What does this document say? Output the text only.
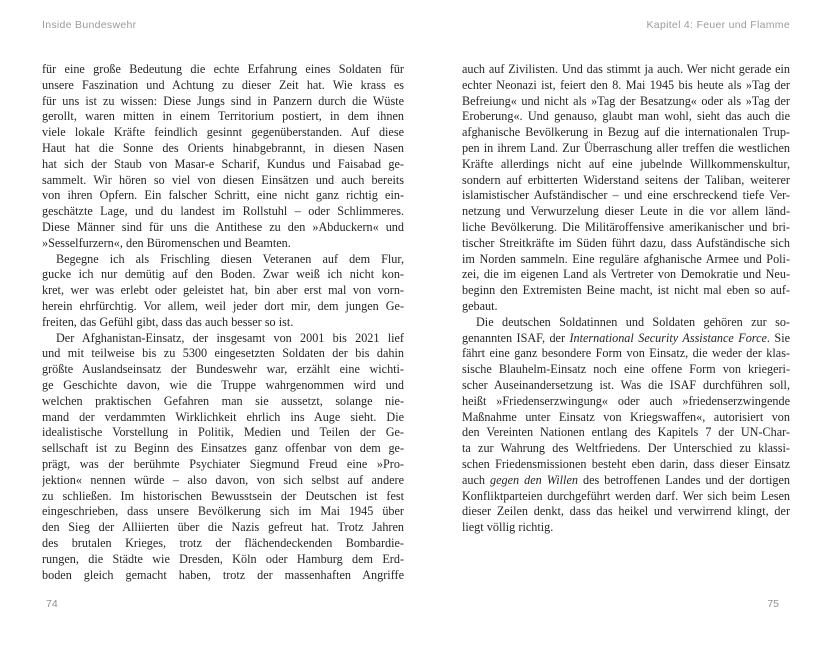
Inside Bundeswehr	Kapitel 4: Feuer und Flamme
für eine große Bedeutung die echte Erfahrung eines Soldaten für
unsere Faszination und Achtung zu dieser Zeit hat. Wie krass es
für uns ist zu wissen: Diese Jungs sind in Panzern durch die Wüste
gerollt, waren mitten in einem Territorium postiert, in dem ihnen
viele lokale Kräfte feindlich gesinnt gegenüberstanden. Auf diese
Haut hat die Sonne des Orients hinabgebrannt, in diesen Nasen
hat sich der Staub von Masar-e Scharif, Kundus und Faisabad ge-
sammelt. Wir hören so viel von diesen Einsätzen und auch bereits
von ihren Opfern. Ein falscher Schritt, eine nicht ganz richtig ein-
geschätzte Lage, und du landest im Rollstuhl – oder Schlimmeres.
Diese Männer sind für uns die Antithese zu den »Abduckern« und
»Sesselfurzern«, den Büromenschen und Beamten.
Begegne ich als Frischling diesen Veteranen auf dem Flur,
gucke ich nur demütig auf den Boden. Zwar weiß ich nicht kon-
kret, wer was erlebt oder geleistet hat, bin aber erst mal von vorn-
herein ehrfürchtig. Vor allem, weil jeder dort mir, dem jungen Ge-
freiten, das Gefühl gibt, dass das auch besser so ist.
Der Afghanistan-Einsatz, der insgesamt von 2001 bis 2021 lief
und mit teilweise bis zu 5300 eingesetzten Soldaten der bis dahin
größte Auslandseinsatz der Bundeswehr war, erzählt eine wichti-
ge Geschichte davon, wie die Truppe wahrgenommen wird und
welchen praktischen Gefahren man sie aussetzt, solange nie-
mand der verdammten Wirklichkeit ehrlich ins Auge sieht. Die
idealistische Vorstellung in Politik, Medien und Teilen der Ge-
sellschaft ist zu Beginn des Einsatzes ganz offenbar von dem ge-
prägt, was der berühmte Psychiater Siegmund Freud eine »Pro-
jektion« nennen würde – also davon, von sich selbst auf andere
zu schließen. Im historischen Bewusstsein der Deutschen ist fest
eingeschrieben, dass unsere Bevölkerung sich im Mai 1945 über
den Sieg der Alliierten über die Nazis gefreut hat. Trotz Jahren
des brutalen Krieges, trotz der flächendeckenden Bombardie-
rungen, die Städte wie Dresden, Köln oder Hamburg dem Erd-
boden gleich gemacht haben, trotz der massenhaften Angriffe
auch auf Zivilisten. Und das stimmt ja auch. Wer nicht gerade ein
echter Neonazi ist, feiert den 8. Mai 1945 bis heute als »Tag der
Befreiung« und nicht als »Tag der Besatzung« oder als »Tag der
Eroberung«. Und genauso, glaubt man wohl, sieht das auch die
afghanische Bevölkerung in Bezug auf die internationalen Trup-
pen in ihrem Land. Zur Überraschung aller treffen die westlichen
Kräfte allerdings nicht auf eine jubelnde Willkommenskultur,
sondern auf erbitterten Widerstand seitens der Taliban, weiterer
islamistischer Aufständischer – und eine erschreckend tiefe Ver-
netzung und Verwurzelung dieser Leute in die vor allem länd-
liche Bevölkerung. Die Militäroffensive amerikanischer und bri-
tischer Streitkräfte im Süden führt dazu, dass Aufständische sich
im Norden sammeln. Eine reguläre afghanische Armee und Poli-
zei, die im eigenen Land als Vertreter von Demokratie und Neu-
beginn den Extremisten Beine macht, ist nicht mal eben so auf-
gebaut.
Die deutschen Soldatinnen und Soldaten gehören zur so-
genannten ISAF, der International Security Assistance Force. Sie
fährt eine ganz besondere Form von Einsatz, die weder der klas-
sische Blauhelm-Einsatz noch eine offene Form von kriegeri-
scher Auseinandersetzung ist. Was die ISAF durchführen soll,
heißt »Friedenserzwingung« oder auch »friedenserzwingende
Maßnahme unter Einsatz von Kriegswaffen«, autorisiert von
den Vereinten Nationen entlang des Kapitels 7 der UN-Char-
ta zur Wahrung des Weltfriedens. Der Unterschied zu klassi-
schen Friedensmissionen besteht eben darin, dass dieser Einsatz
auch gegen den Willen des betroffenen Landes und der dortigen
Konfliktparteien durchgeführt werden darf. Wer sich beim Lesen
dieser Zeilen denkt, dass das heikel und verwirrend klingt, der
liegt völlig richtig.
74	75
